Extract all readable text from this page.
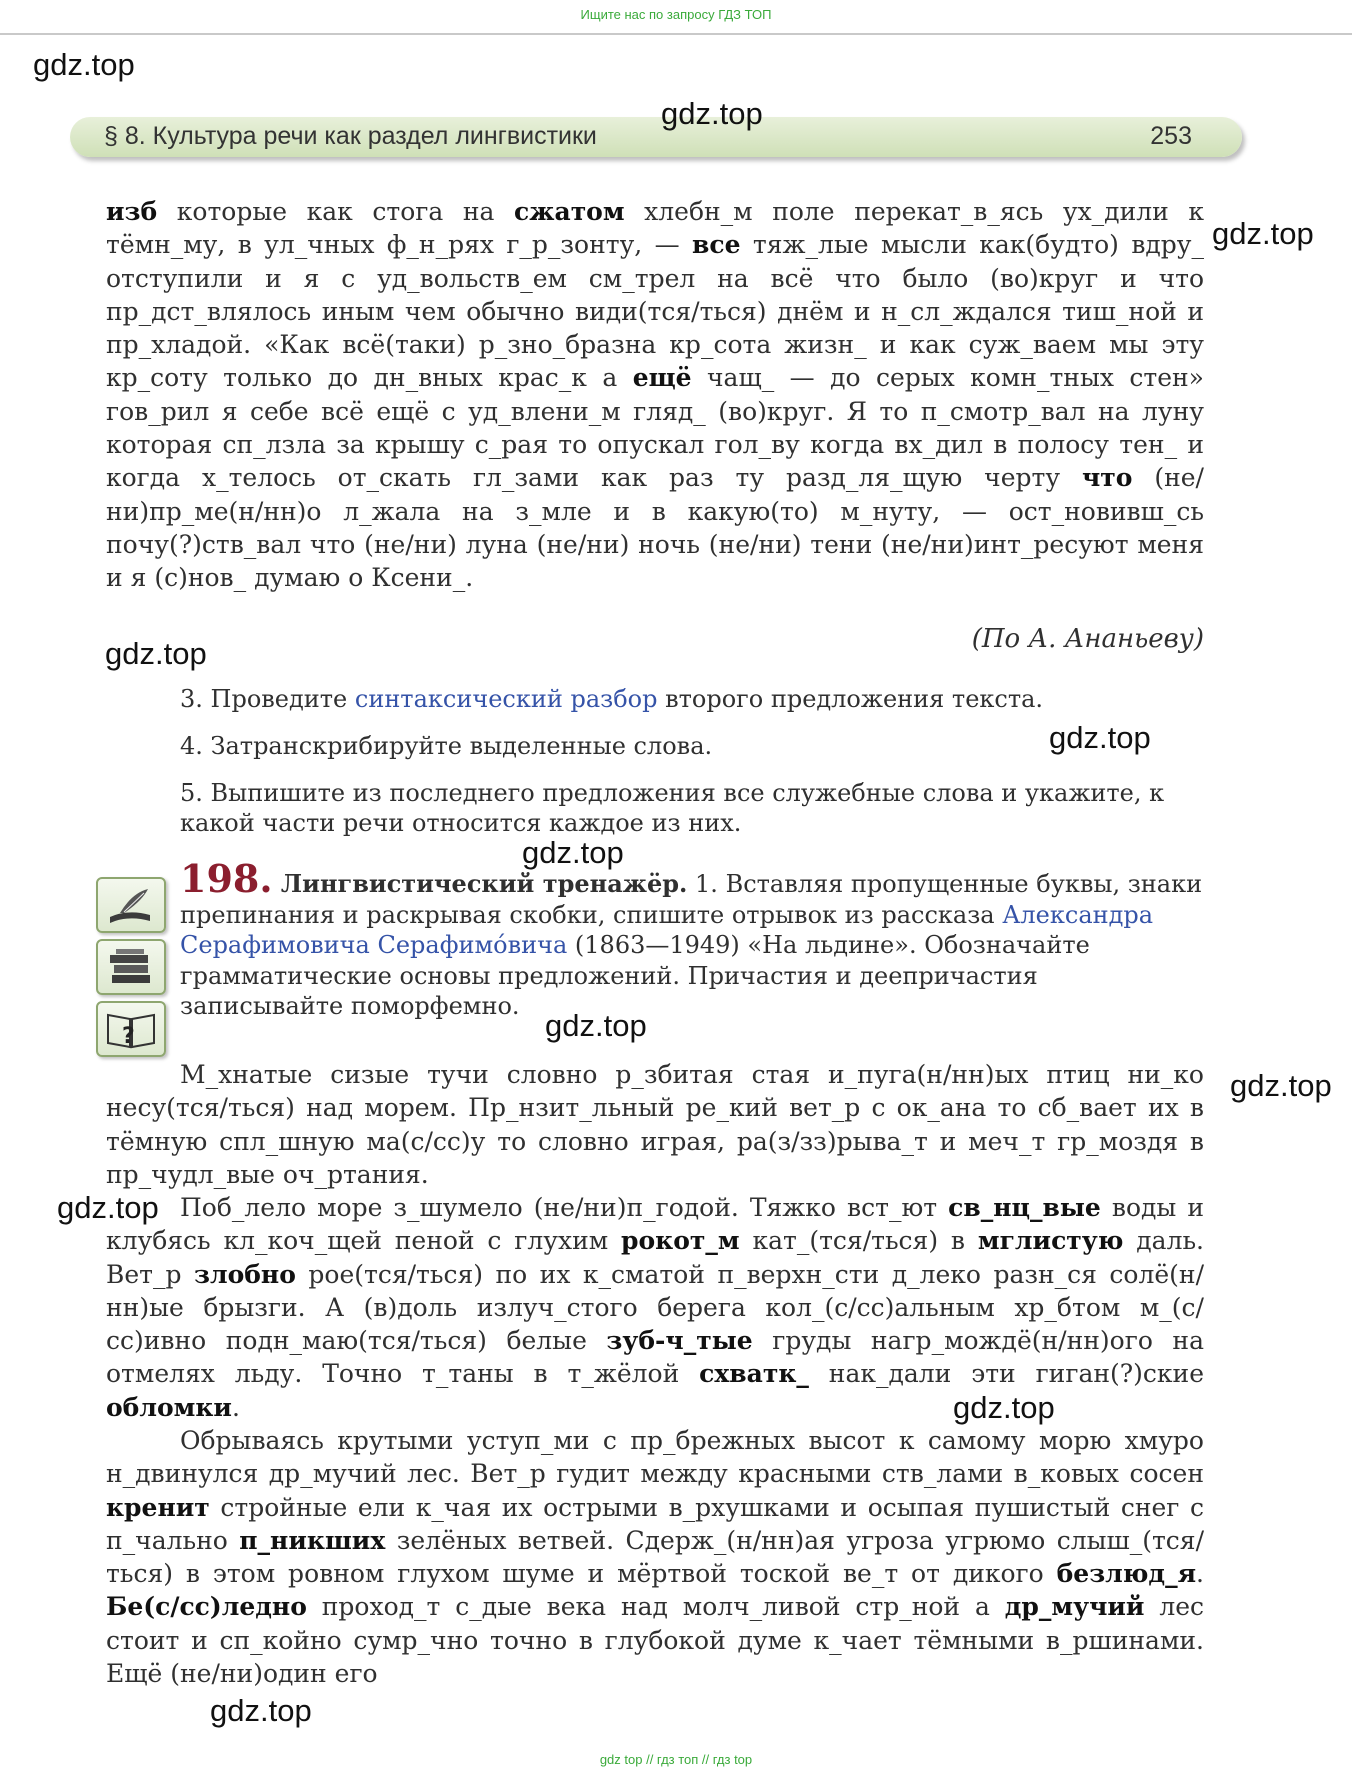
Ищите нас по запросу ГДЗ ТОП
gdz.top
gdz.top
gdz.top
gdz.top
gdz.top
gdz.top
gdz.top
gdz.top
gdz.top
gdz.top
gdz.top
§ 8. Культура речи как раздел лингвистики	253
изб которые как стога на сжатом хлебн_м поле перекат_в_ясь ух_дили к тёмн_му, в ул_чных ф_н_рях г_р_зонту, — все тяж_лые мысли как(будто) вдру_ отступили и я с уд_вольств_ем см_трел на всё что было (во)круг и что пр_дст_влялось иным чем обычно види(тся/ться) днём и н_сл_ждался тиш_ной и пр_хладой. «Как всё(таки) р_зно_бразна кр_сота жизн_ и как суж_ваем мы эту кр_соту только до дн_вных крас_к а ещё чащ_ — до серых комн_тных стен» гов_рил я себе всё ещё с уд_влени_м гляд_ (во)круг. Я то п_смотр_вал на луну которая сп_лзла за крышу с_рая то опускал гол_ву когда вх_дил в полосу тен_ и когда х_телось от_скать гл_зами как раз ту разд_ля_щую черту что (не/ни)пр_ме(н/нн)о л_жала на з_мле и в какую(то) м_нуту, — ост_новивш_сь почу(?)ств_вал что (не/ни) луна (не/ни) ночь (не/ни) тени (не/ни)инт_ресуют меня и я (с)нов_ думаю о Ксени_.
(По А. Ананьеву)
3. Проведите синтаксический разбор второго предложения текста.
4. Затранскрибируйте выделенные слова.
5. Выпишите из последнего предложения все служебные слова и укажите, к какой части речи относится каждое из них.
?
198. Лингвистический тренажёр. 1. Вставляя пропущенные буквы, знаки препинания и раскрывая скобки, спишите отрывок из рассказа Александра Серафимовича Серафимо́вича (1863—1949) «На льдине». Обозначайте грамматические основы предложений. Причастия и деепричастия записывайте поморфемно.
М_хнатые сизые тучи словно р_збитая стая и_пуга(н/нн)ых птиц ни_ко несу(тся/ться) над морем. Пр_нзит_льный ре_кий вет_р с ок_ана то сб_вает их в тёмную спл_шную ма(с/сс)у то словно играя, ра(з/зз)рыва_т и меч_т гр_моздя в пр_чудл_вые оч_ртания.
Поб_лело море з_шумело (не/ни)п_годой. Тяжко вст_ют св_нц_вые воды и клубясь кл_коч_щей пеной с глухим рокот_м кат_(тся/ться) в мглистую даль. Вет_р злобно рое(тся/ться) по их к_сматой п_верхн_сти д_леко разн_ся солё(н/нн)ые брызги. А (в)доль излуч_стого берега кол_(с/сс)альным хр_бтом м_(с/сс)ивно подн_маю(тся/ться) белые зуб-ч_тые груды нагр_мождё(н/нн)ого на отмелях льду. Точно т_таны в т_жёлой схватк_ нак_дали эти гиган(?)ские обломки.
Обрываясь крутыми уступ_ми с пр_брежных высот к самому морю хмуро н_двинулся др_мучий лес. Вет_р гудит между красными ств_лами в_ковых сосен кренит стройные ели к_чая их острыми в_рхушками и осыпая пушистый снег с п_чально п_никших зелёных ветвей. Сдерж_(н/нн)ая угроза угрюмо слыш_(тся/ться) в этом ровном глухом шуме и мёртвой тоской ве_т от дикого безлюд_я. Бе(с/сс)ледно проход_т с_дые века над молч_ливой стр_ной а др_мучий лес стоит и сп_койно сумр_чно точно в глубокой думе к_чает тёмными в_ршинами. Ещё (не/ни)один его
gdz top // гдз топ // гдз top
